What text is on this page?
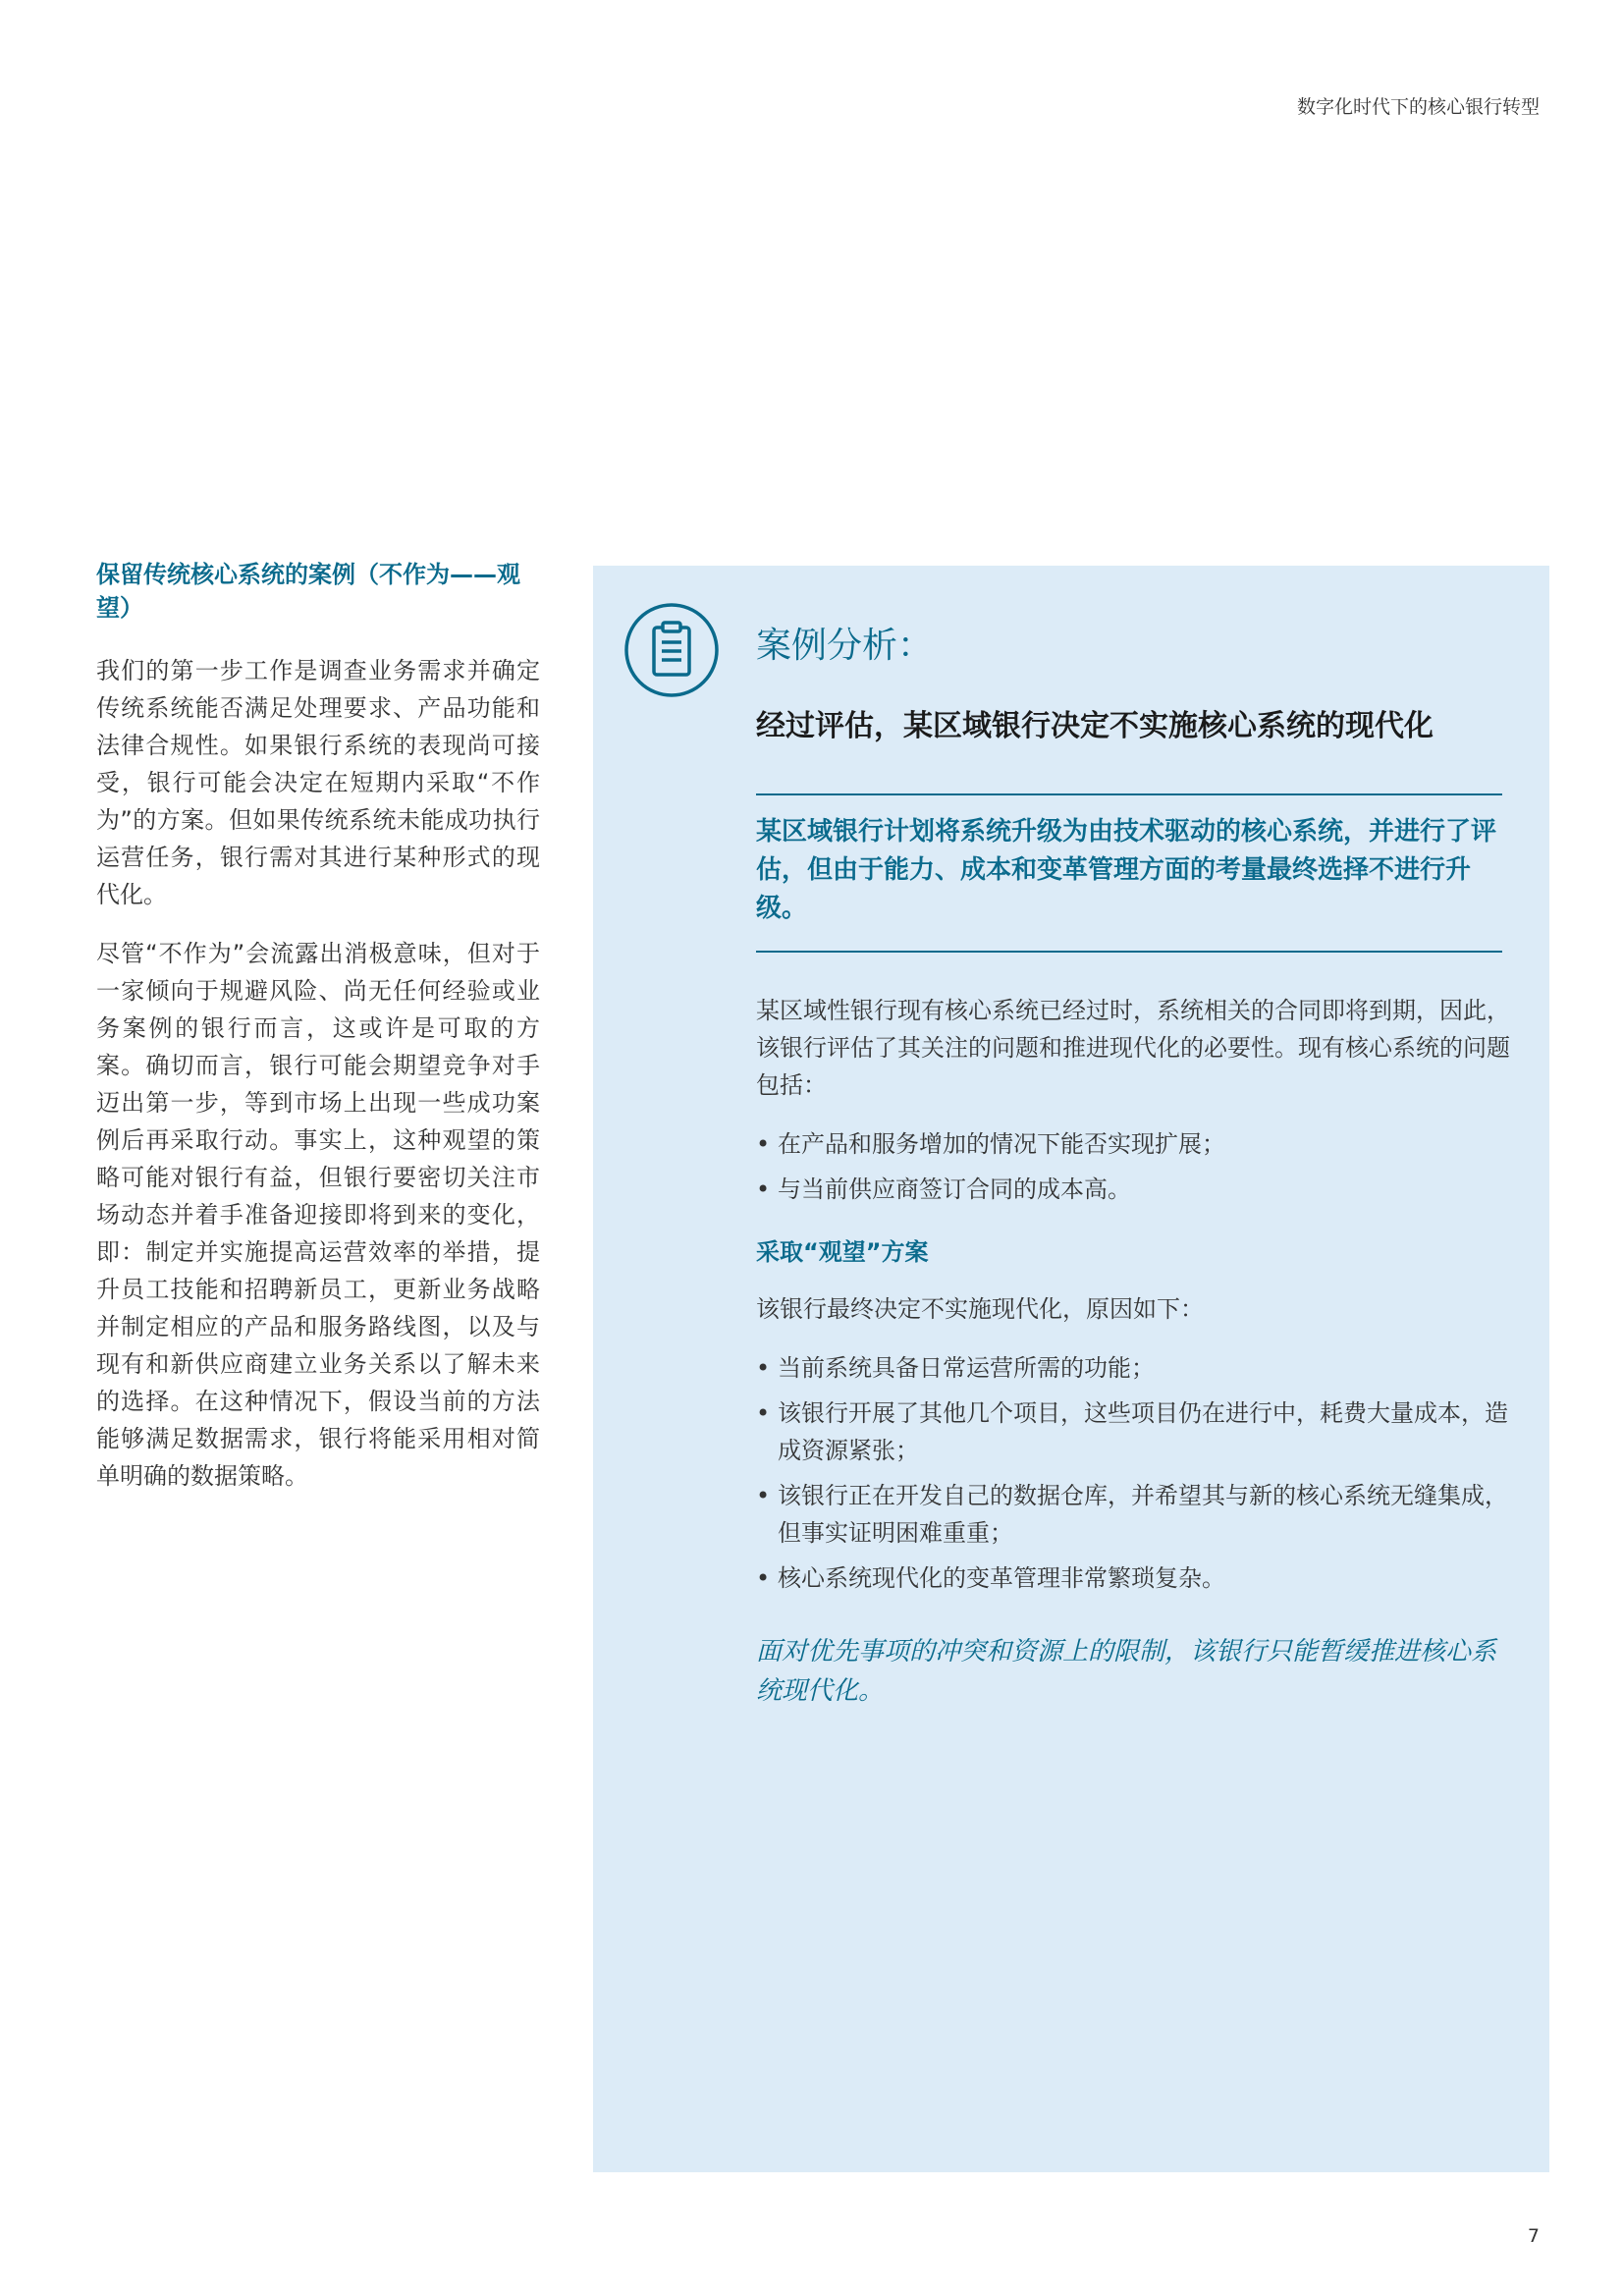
数字化时代下的核心银行转型
保留传统核心系统的案例（不作为——观望）

我们的第一步工作是调查业务需求并确定传统系统能否满足处理要求、产品功能和法律合规性。如果银行系统的表现尚可接受，银行可能会决定在短期内采取“不作为”的方案。但如果传统系统未能成功执行运营任务，银行需对其进行某种形式的现代化。

尽管“不作为”会流露出消极意味，但对于一家倾向于规避风险、尚无任何经验或业务案例的银行而言，这或许是可取的方案。确切而言，银行可能会期望竞争对手迈出第一步，等到市场上出现一些成功案例后再采取行动。事实上，这种观望的策略可能对银行有益，但银行要密切关注市场动态并着手准备迎接即将到来的变化，即：制定并实施提高运营效率的举措，提升员工技能和招聘新员工，更新业务战略并制定相应的产品和服务路线图，以及与现有和新供应商建立业务关系以了解未来的选择。在这种情况下，假设当前的方法能够满足数据需求，银行将能采用相对简单明确的数据策略。

案例分析：
经过评估，某区域银行决定不实施核心系统的现代化

某区域银行计划将系统升级为由技术驱动的核心系统，并进行了评估，但由于能力、成本和变革管理方面的考量最终选择不进行升级。

某区域性银行现有核心系统已经过时，系统相关的合同即将到期，因此，该银行评估了其关注的问题和推进现代化的必要性。现有核心系统的问题包括：

• 在产品和服务增加的情况下能否实现扩展；
• 与当前供应商签订合同的成本高。
采取“观望”方案

该银行最终决定不实施现代化，原因如下：

• 当前系统具备日常运营所需的功能；
• 该银行开展了其他几个项目，这些项目仍在进行中，耗费大量成本，造成资源紧张；
• 该银行正在开发自己的数据仓库，并希望其与新的核心系统无缝集成，但事实证明困难重重；
• 核心系统现代化的变革管理非常繁琐复杂。

面对优先事项的冲突和资源上的限制，该银行只能暂缓推进核心系统现代化。

7
